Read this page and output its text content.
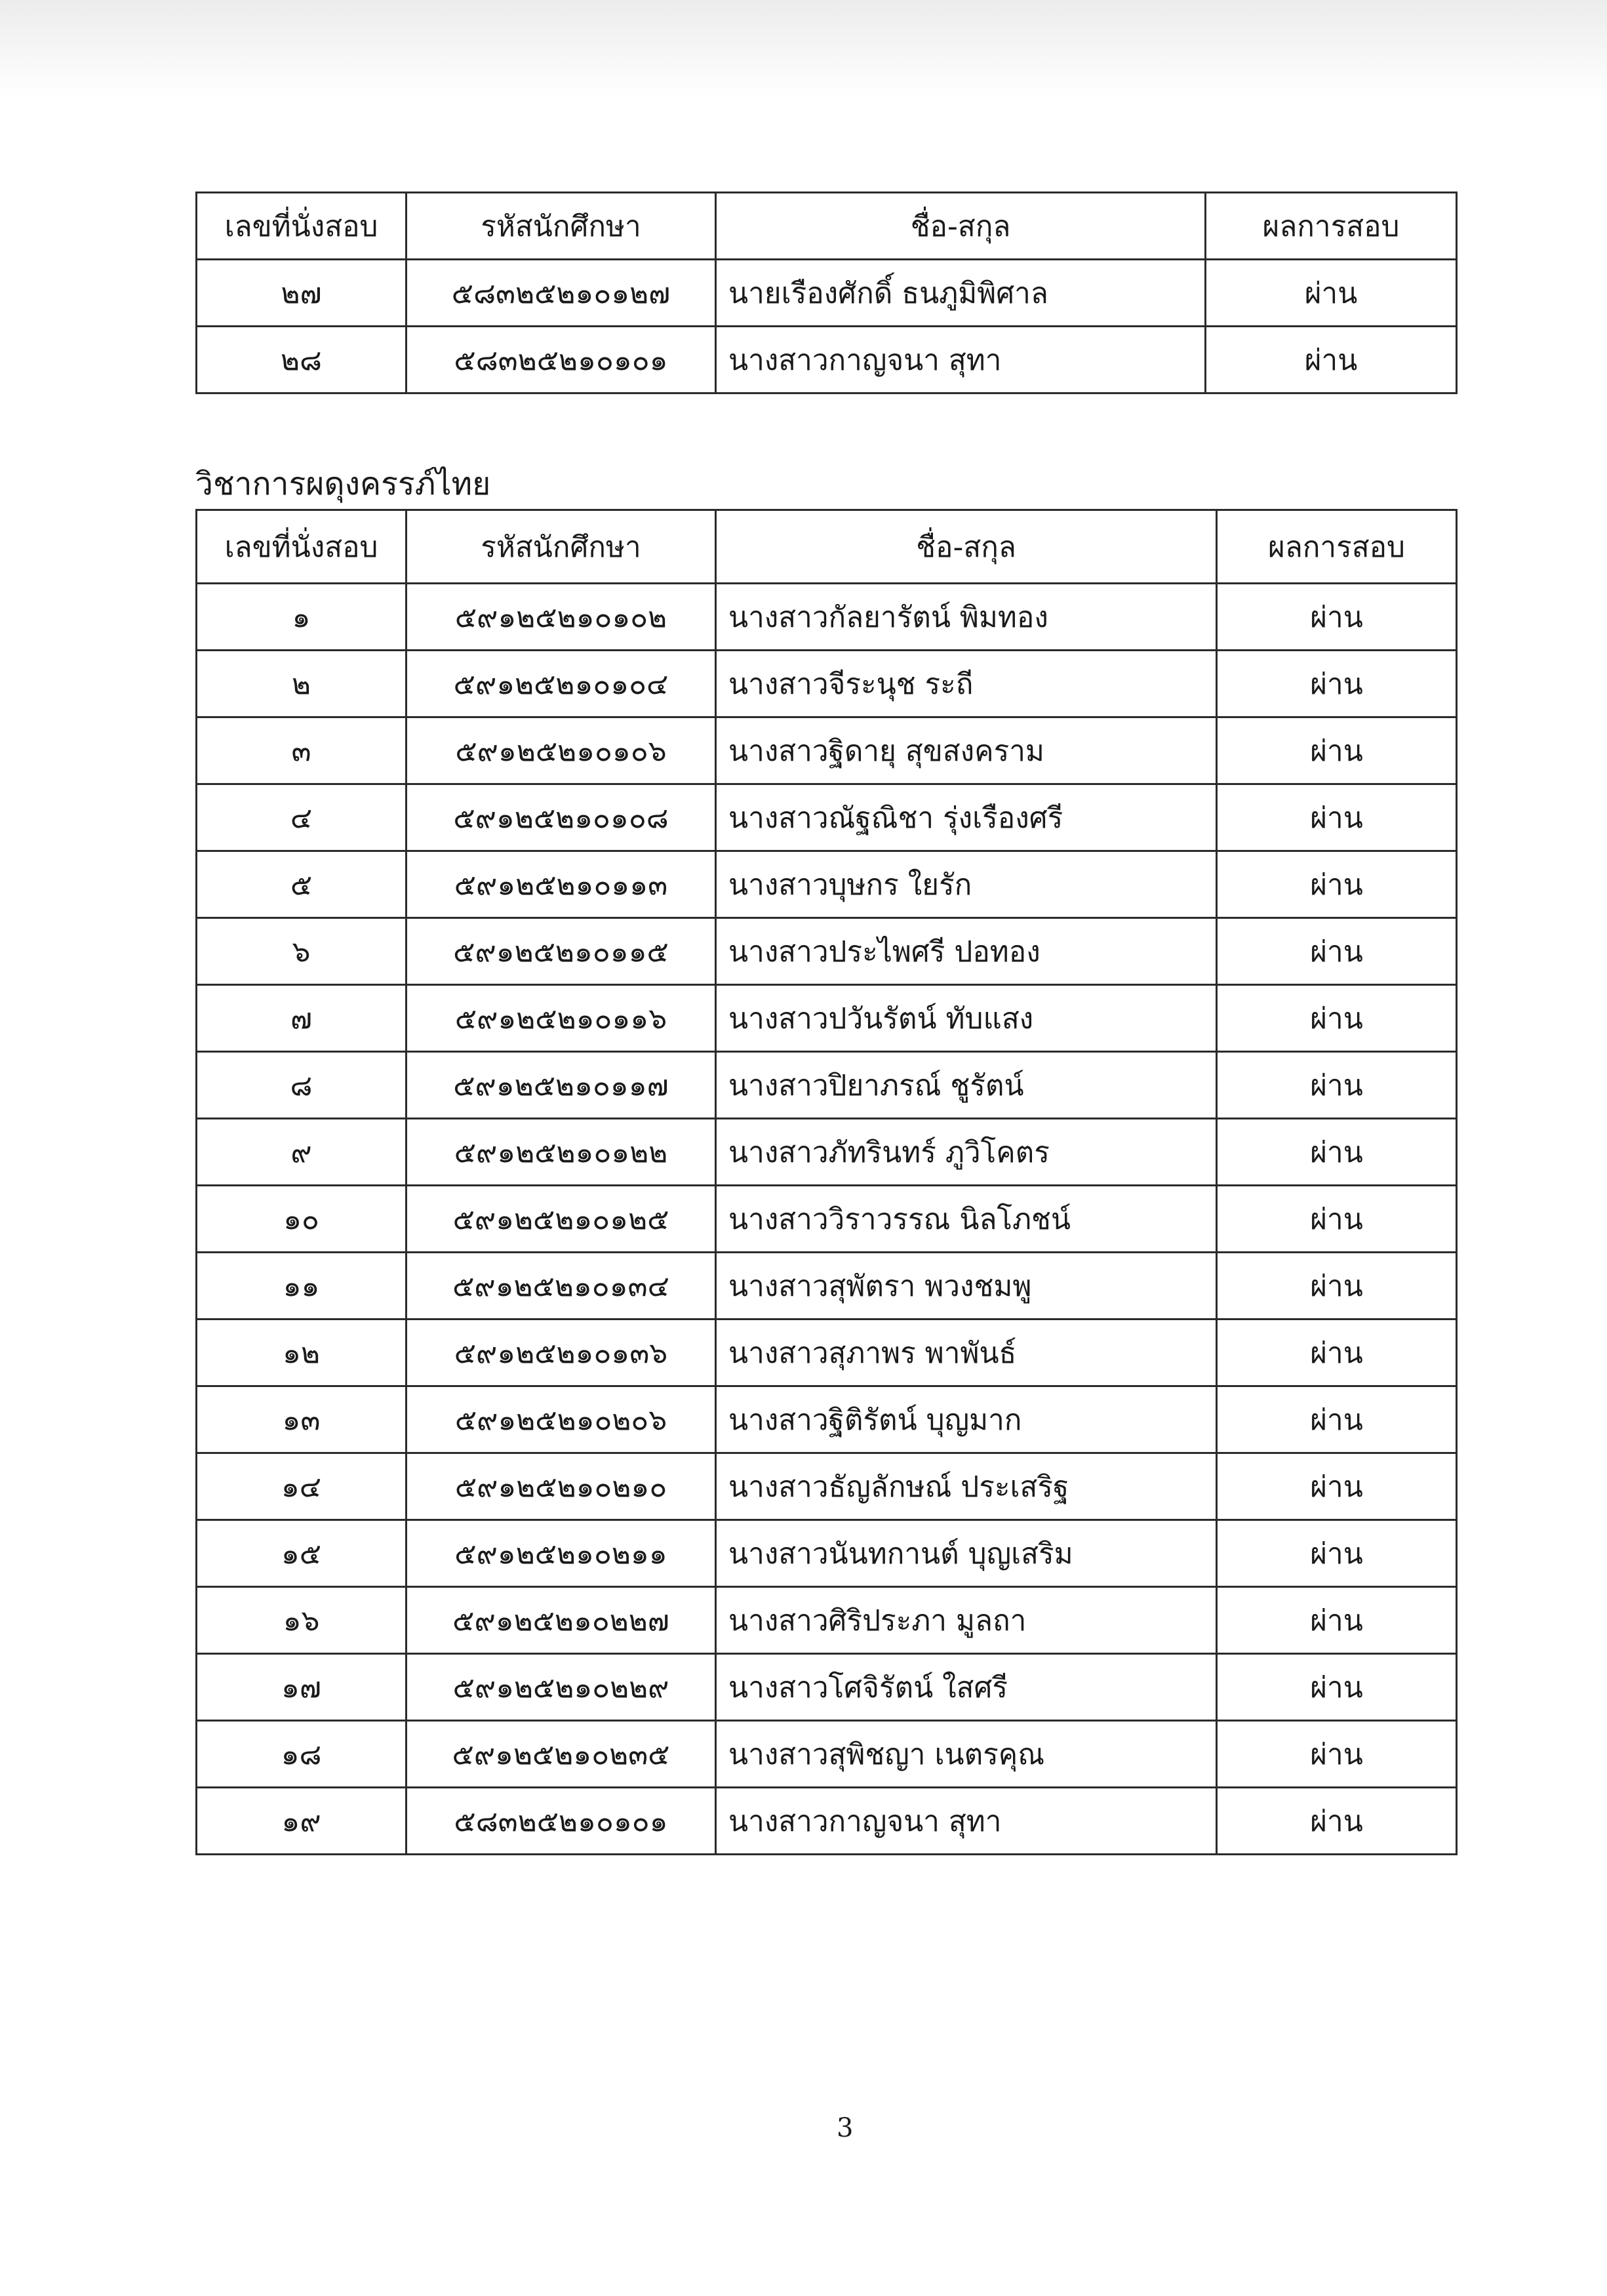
เลขที่นั่งสอบ	รหัสนักศึกษา	ชื่อ-สกุล	ผลการสอบ
๒๗	๕๘๓๒๕๒๑๐๑๒๗	นายเรืองศักดิ์ ธนภูมิพิศาล	ผ่าน
๒๘	๕๘๓๒๕๒๑๐๑๐๑	นางสาวกาญจนา สุทา	ผ่าน
วิชาการผดุงครรภ์ไทย
เลขที่นั่งสอบ	รหัสนักศึกษา	ชื่อ-สกุล	ผลการสอบ
๑	๕๙๑๒๕๒๑๐๑๐๒	นางสาวกัลยารัตน์ พิมทอง	ผ่าน
๒	๕๙๑๒๕๒๑๐๑๐๔	นางสาวจีระนุช ระถี	ผ่าน
๓	๕๙๑๒๕๒๑๐๑๐๖	นางสาวฐิดายุ สุขสงคราม	ผ่าน
๔	๕๙๑๒๕๒๑๐๑๐๘	นางสาวณัฐณิชา รุ่งเรืองศรี	ผ่าน
๕	๕๙๑๒๕๒๑๐๑๑๓	นางสาวบุษกร ใยรัก	ผ่าน
๖	๕๙๑๒๕๒๑๐๑๑๕	นางสาวประไพศรี ปอทอง	ผ่าน
๗	๕๙๑๒๕๒๑๐๑๑๖	นางสาวปวันรัตน์ ทับแสง	ผ่าน
๘	๕๙๑๒๕๒๑๐๑๑๗	นางสาวปิยาภรณ์ ชูรัตน์	ผ่าน
๙	๕๙๑๒๕๒๑๐๑๒๒	นางสาวภัทรินทร์ ภูวิโคตร	ผ่าน
๑๐	๕๙๑๒๕๒๑๐๑๒๕	นางสาววิราวรรณ นิลโภชน์	ผ่าน
๑๑	๕๙๑๒๕๒๑๐๑๓๔	นางสาวสุพัตรา พวงชมพู	ผ่าน
๑๒	๕๙๑๒๕๒๑๐๑๓๖	นางสาวสุภาพร พาพันธ์	ผ่าน
๑๓	๕๙๑๒๕๒๑๐๒๐๖	นางสาวฐิติรัตน์ บุญมาก	ผ่าน
๑๔	๕๙๑๒๕๒๑๐๒๑๐	นางสาวธัญลักษณ์ ประเสริฐ	ผ่าน
๑๕	๕๙๑๒๕๒๑๐๒๑๑	นางสาวนันทกานต์ บุญเสริม	ผ่าน
๑๖	๕๙๑๒๕๒๑๐๒๒๗	นางสาวศิริประภา มูลถา	ผ่าน
๑๗	๕๙๑๒๕๒๑๐๒๒๙	นางสาวโศจิรัตน์ ใสศรี	ผ่าน
๑๘	๕๙๑๒๕๒๑๐๒๓๕	นางสาวสุพิชญา เนตรคุณ	ผ่าน
๑๙	๕๘๓๒๕๒๑๐๑๐๑	นางสาวกาญจนา สุทา	ผ่าน
3
